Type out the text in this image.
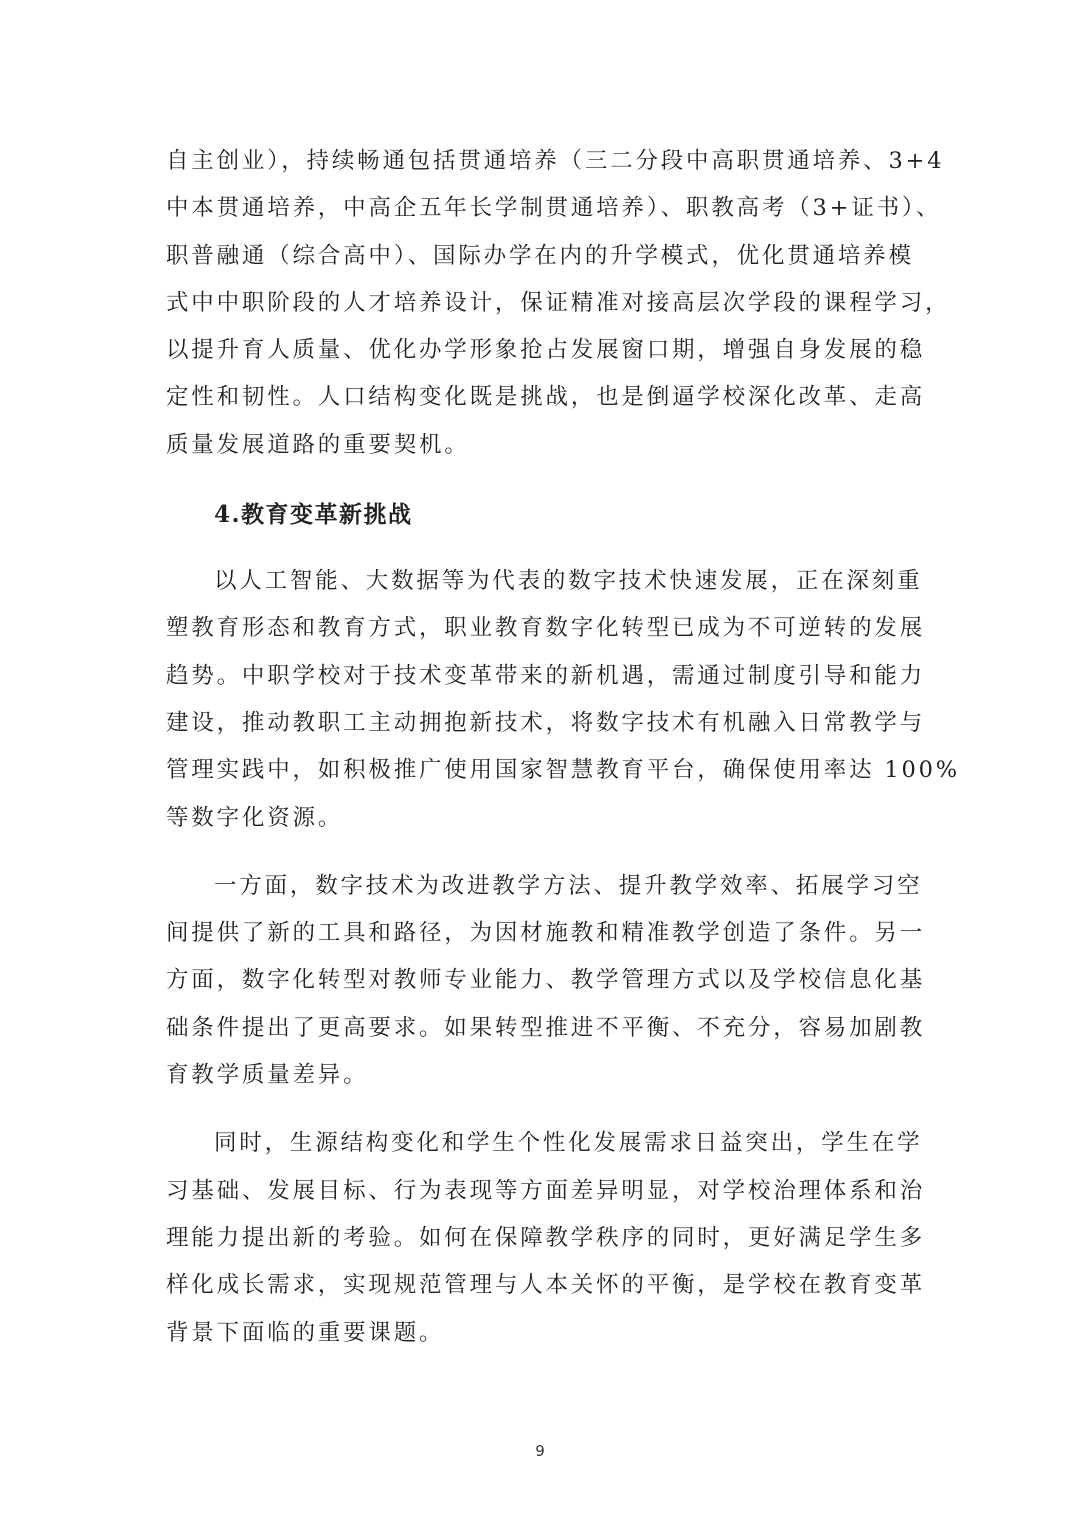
自主创业），持续畅通包括贯通培养（三二分段中高职贯通培养、3+4
中本贯通培养，中高企五年长学制贯通培养）、职教高考（3+证书）、
职普融通（综合高中）、国际办学在内的升学模式，优化贯通培养模
式中中职阶段的人才培养设计，保证精准对接高层次学段的课程学习，
以提升育人质量、优化办学形象抢占发展窗口期，增强自身发展的稳
定性和韧性。人口结构变化既是挑战，也是倒逼学校深化改革、走高
质量发展道路的重要契机。
4.教育变革新挑战
以人工智能、大数据等为代表的数字技术快速发展，正在深刻重
塑教育形态和教育方式，职业教育数字化转型已成为不可逆转的发展
趋势。中职学校对于技术变革带来的新机遇，需通过制度引导和能力
建设，推动教职工主动拥抱新技术，将数字技术有机融入日常教学与
管理实践中，如积极推广使用国家智慧教育平台，确保使用率达 100%
等数字化资源。
一方面，数字技术为改进教学方法、提升教学效率、拓展学习空
间提供了新的工具和路径，为因材施教和精准教学创造了条件。另一
方面，数字化转型对教师专业能力、教学管理方式以及学校信息化基
础条件提出了更高要求。如果转型推进不平衡、不充分，容易加剧教
育教学质量差异。
同时，生源结构变化和学生个性化发展需求日益突出，学生在学
习基础、发展目标、行为表现等方面差异明显，对学校治理体系和治
理能力提出新的考验。如何在保障教学秩序的同时，更好满足学生多
样化成长需求，实现规范管理与人本关怀的平衡，是学校在教育变革
背景下面临的重要课题。
9
